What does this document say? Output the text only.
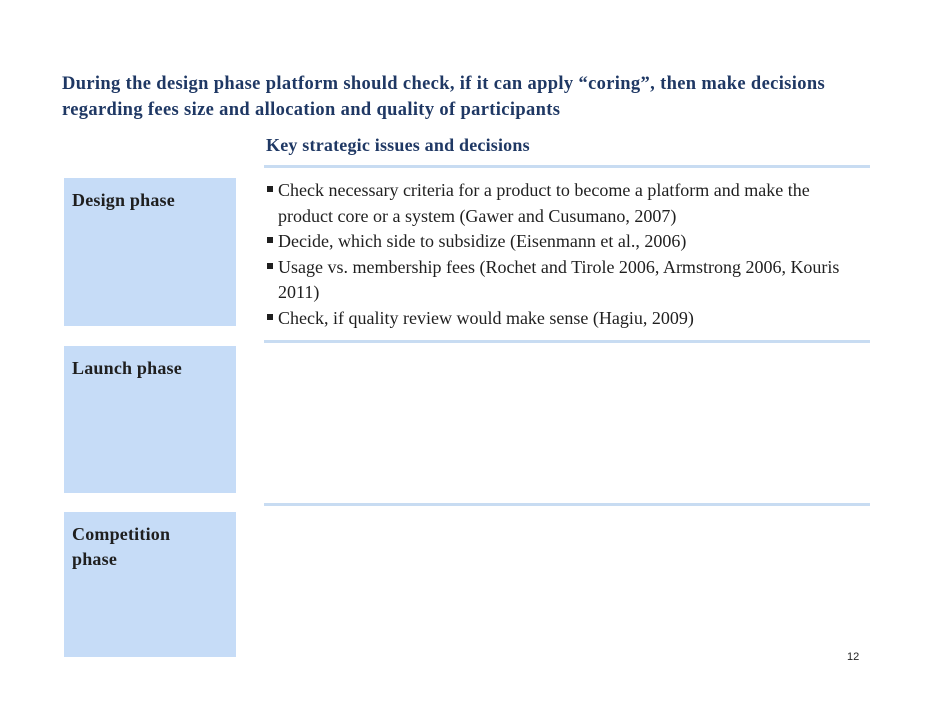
During the design phase platform should check, if it can apply “coring”, then make decisions regarding fees size and allocation and quality of participants
Key strategic issues and decisions
Design phase
Launch phase
Competition phase
Check necessary criteria for a product to become a platform and make the product core or a system (Gawer and Cusumano, 2007)
Decide, which side to subsidize (Eisenmann et al., 2006)
Usage vs. membership fees (Rochet and Tirole 2006, Armstrong 2006, Kouris 2011)
Check, if quality review would make sense (Hagiu, 2009)
12
